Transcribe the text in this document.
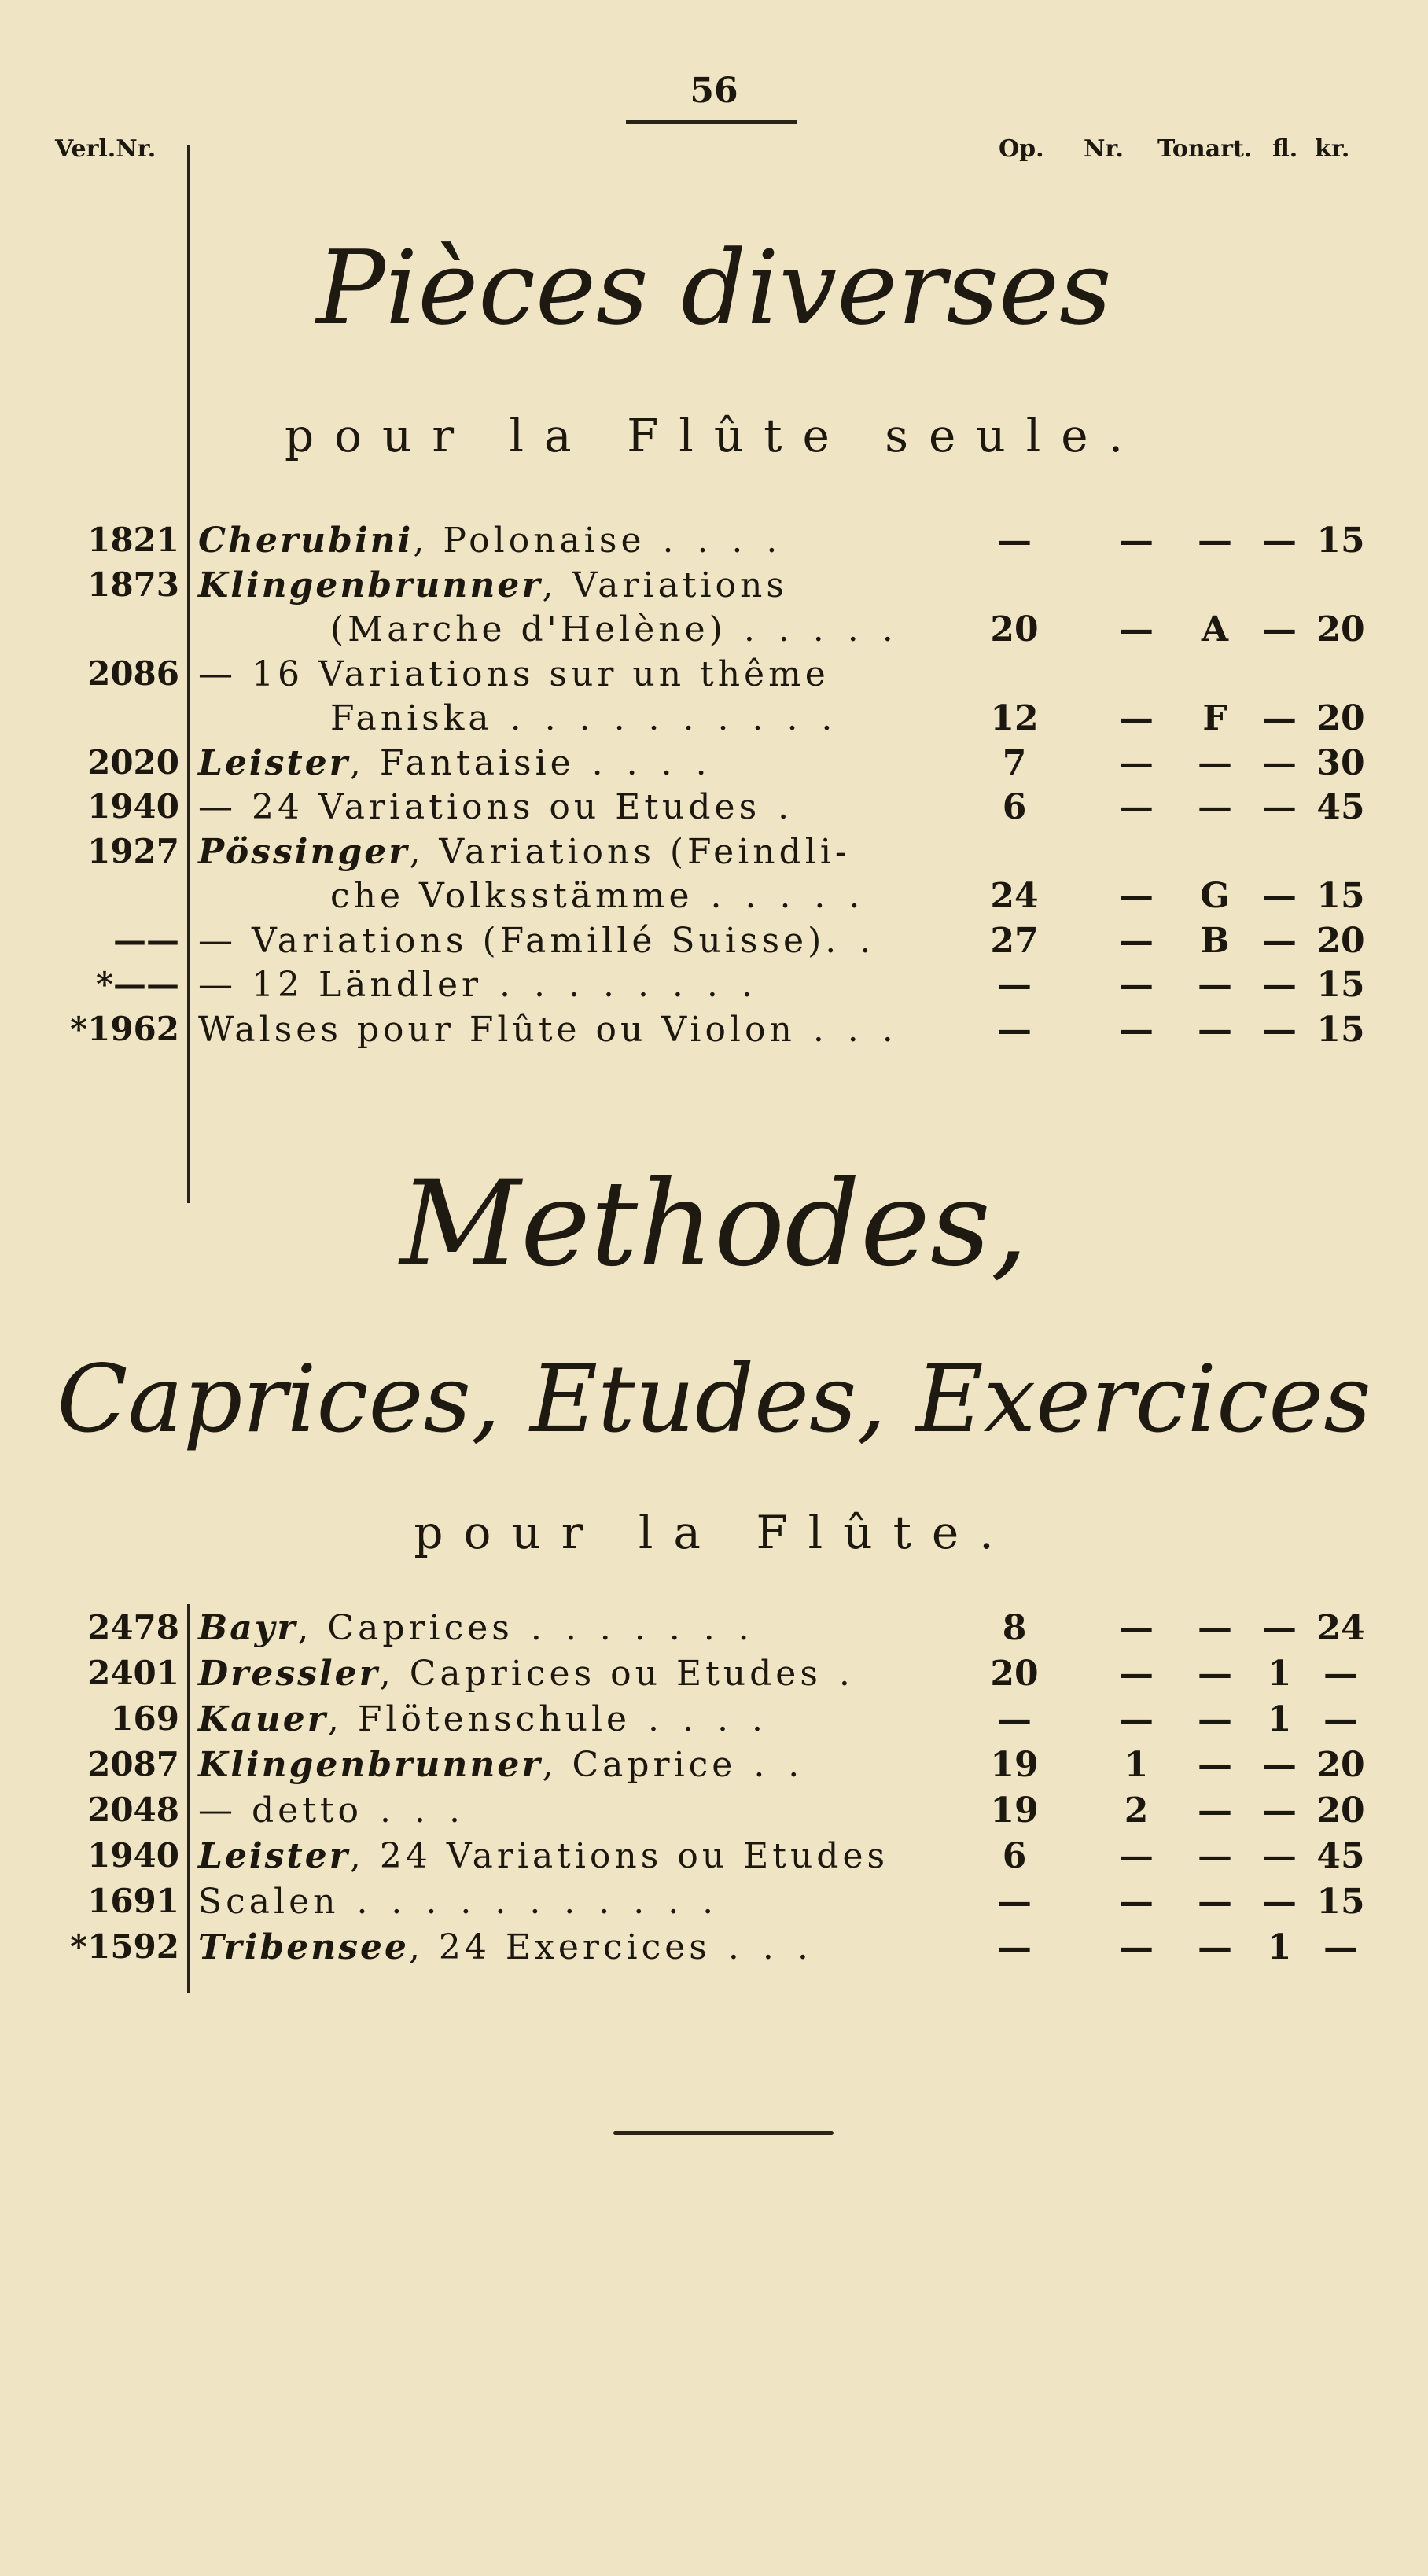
56
Verl.Nr.	Op. Nr. Tonart. fl. kr.
Pièces diverses
pour la Flûte seule.
1821 Cherubini, Polonaise . . . .	—	—	— — 15
1873 Klingenbrunner, Variations
(Marche d'Helène) . . . . .	20	—	A — 20
2086 — 16 Variations sur un thême
Faniska . . . . . . . . . .	12	—	F	— 20
2020 Leister, Fantaisie . . . .	7	—	— — 30
1940 — 24 Variations ou Etudes .	6	—	— — 45
1927 Pössinger, Variations (Feindli-
che Volksstämme . . . . .	24	—	G — 15
—— — Variations (Famillé Suisse). .	27	—	B — 20
*—— — 12 Ländler . . . . . . . .	—	—	— — 15
*1962 Walses pour Flûte ou Violon . . .	—	—	— — 15
Methodes,
Caprices, Etudes, Exercices
pour la Flûte.
2478 Bayr, Caprices . . . . . . .	8	—	— — 24
2401 Dressler, Caprices ou Etudes .	20	—	—	1 —
169 Kauer, Flötenschule . . . .	—	—	—	1 —
2087 Klingenbrunner, Caprice . .	19	1	— — 20
2048 — detto . . .	19	2	— — 20
1940 Leister, 24 Variations ou Etudes	6	—	— — 45
1691 Scalen . . . . . . . . . . .	—	—	— — 15
*1592 Tribensee, 24 Exercices . . .	—	—	—	1 —
